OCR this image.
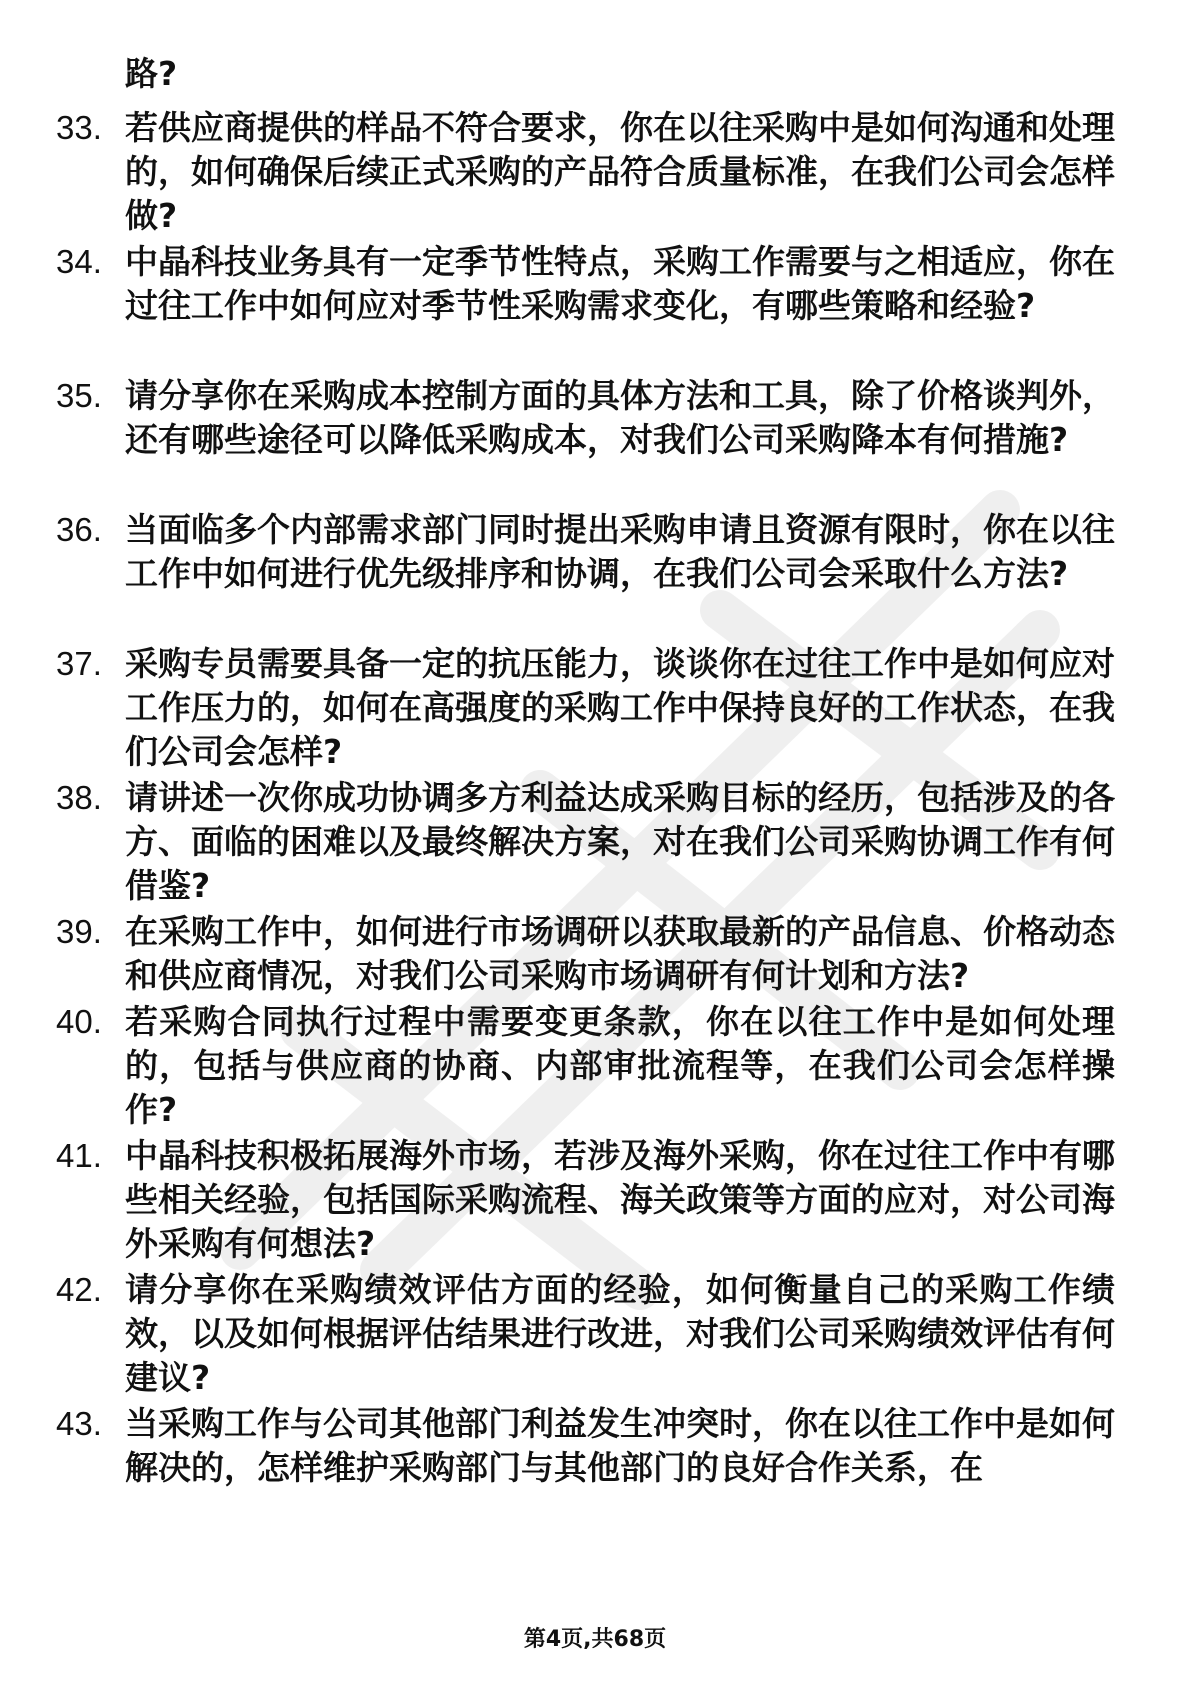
路?

33. 若供应商提供的样品不符合要求，你在以往采购中是如何沟通和处理的，如何确保后续正式采购的产品符合质量标准，在我们公司会怎样做?

34. 中晶科技业务具有一定季节性特点，采购工作需要与之相适应，你在过往工作中如何应对季节性采购需求变化，有哪些策略和经验?

35. 请分享你在采购成本控制方面的具体方法和工具，除了价格谈判外，还有哪些途径可以降低采购成本，对我们公司采购降本有何措施?

36. 当面临多个内部需求部门同时提出采购申请且资源有限时，你在以往工作中如何进行优先级排序和协调，在我们公司会采取什么方法?

37. 采购专员需要具备一定的抗压能力，谈谈你在过往工作中是如何应对工作压力的，如何在高强度的采购工作中保持良好的工作状态，在我们公司会怎样?

38. 请讲述一次你成功协调多方利益达成采购目标的经历，包括涉及的各方、面临的困难以及最终解决方案，对在我们公司采购协调工作有何借鉴?

39. 在采购工作中，如何进行市场调研以获取最新的产品信息、价格动态和供应商情况，对我们公司采购市场调研有何计划和方法?

40. 若采购合同执行过程中需要变更条款，你在以往工作中是如何处理的，包括与供应商的协商、内部审批流程等，在我们公司会怎样操作?

41. 中晶科技积极拓展海外市场，若涉及海外采购，你在过往工作中有哪些相关经验，包括国际采购流程、海关政策等方面的应对，对公司海外采购有何想法?

42. 请分享你在采购绩效评估方面的经验，如何衡量自己的采购工作绩效，以及如何根据评估结果进行改进，对我们公司采购绩效评估有何建议?

43. 当采购工作与公司其他部门利益发生冲突时，你在以往工作中是如何解决的，怎样维护采购部门与其他部门的良好合作关系，在

第4页,共68页
